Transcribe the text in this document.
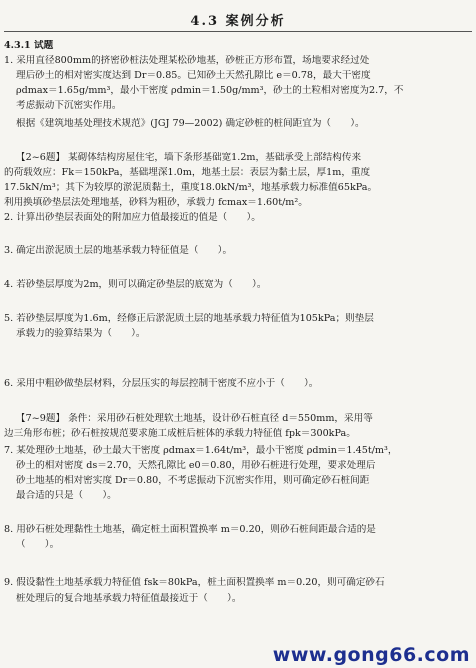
4.3 案例分析
4.3.1 试题
1. 采用直径800mm的挤密砂桩法处理某松砂地基，砂桩正方形布置，场地要求经过处
理后砂土的相对密实度达到 Dr＝0.85。已知砂土天然孔隙比 e＝0.78，最大干密度
ρdmax＝1.65g/mm³，最小干密度 ρdmin＝1.50g/mm³，砂土的土粒相对密度为2.7，不
考虑振动下沉密实作用。
根据《建筑地基处理技术规范》(JGJ 79—2002) 确定砂桩的桩间距宜为（　　）。
【2~6题】 某砌体结构房屋住宅，墙下条形基础宽1.2m，基础承受上部结构传来
的荷载效应：Fk＝150kPa，基础埋深1.0m，地基土层：表层为黏土层，厚1m，重度
17.5kN/m³；其下为较厚的淤泥质黏土，重度18.0kN/m³，地基承载力标准值65kPa。
利用换填砂垫层法处理地基，砂料为粗砂，承载力 fcmax＝1.60t/m²。
2. 计算出砂垫层表面处的附加应力值最接近的值是（　　）。
3. 确定出淤泥质土层的地基承载力特征值是（　　）。
4. 若砂垫层厚度为2m，则可以确定砂垫层的底宽为（　　）。
5. 若砂垫层厚度为1.6m，经修正后淤泥质土层的地基承载力特征值为105kPa；则垫层
承载力的验算结果为（　　）。
6. 采用中粗砂做垫层材料，分层压实的每层控制干密度不应小于（　　）。
【7~9题】 条件：采用砂石桩处理软土地基，设计砂石桩直径 d＝550mm，采用等
边三角形布桩；砂石桩按规范要求施工成桩后桩体的承载力特征值 fpk＝300kPa。
7. 某处理砂土地基，砂土最大干密度 ρdmax＝1.64t/m³，最小干密度 ρdmin＝1.45t/m³，
砂土的相对密度 ds＝2.70，天然孔隙比 e0＝0.80，用砂石桩进行处理，要求处理后
砂土地基的相对密实度 Dr＝0.80，不考虑振动下沉密实作用，则可确定砂石桩间距
最合适的只是（　　）。
8. 用砂石桩处理黏性土地基，确定桩土面积置换率 m＝0.20，则砂石桩间距最合适的是
（　　）。
9. 假设黏性土地基承载力特征值 fsk＝80kPa，桩土面积置换率 m＝0.20，则可确定砂石
桩处理后的复合地基承载力特征值最接近于（　　）。
www.gong66.com
